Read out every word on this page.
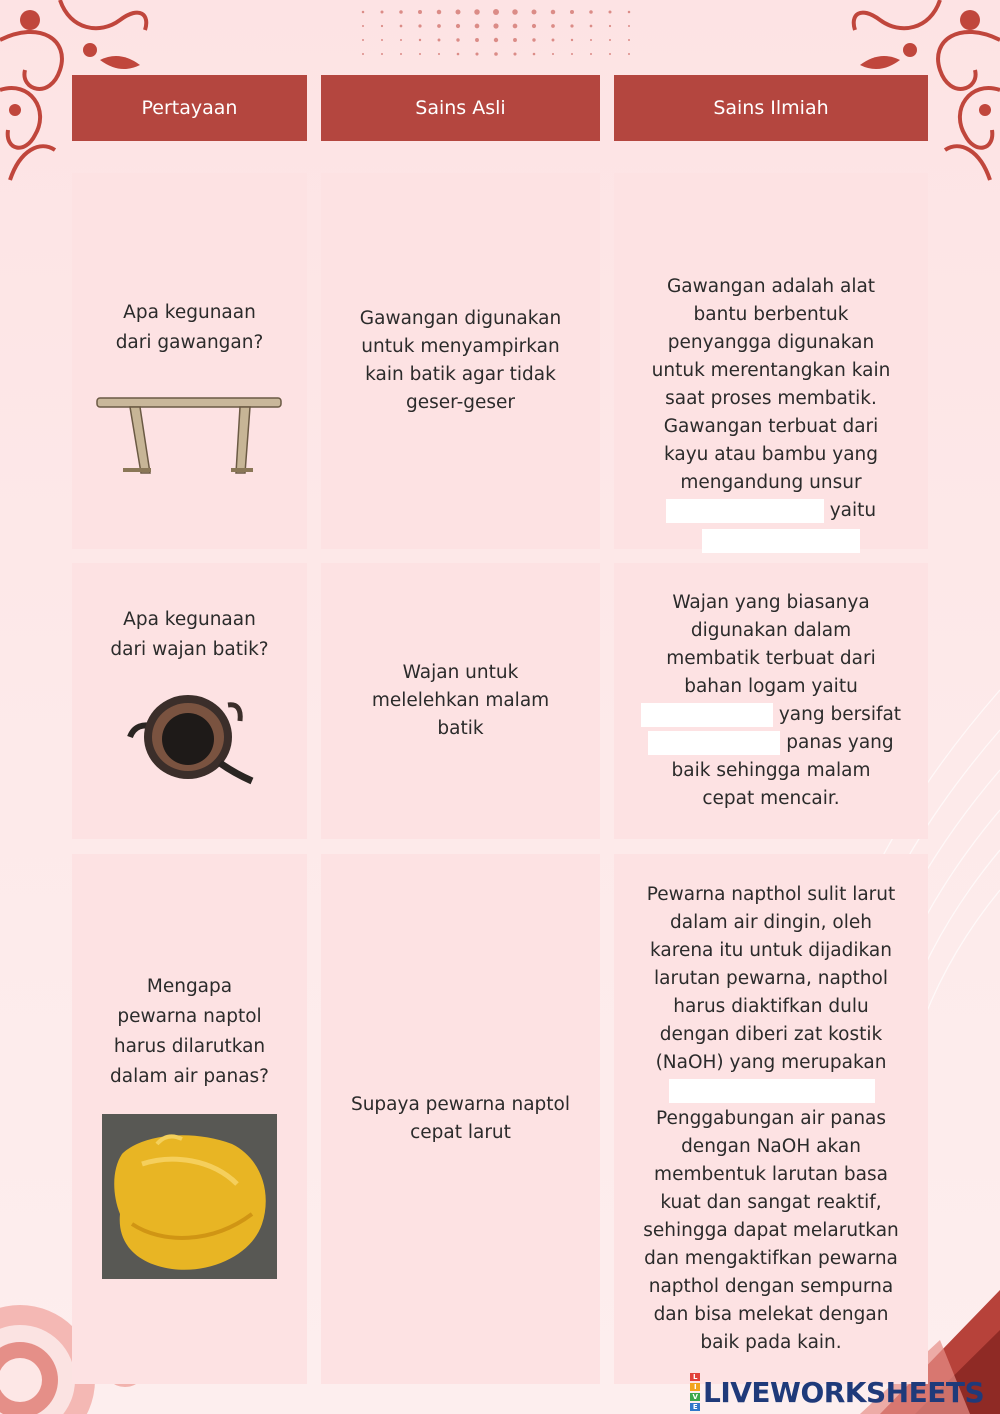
Pertayaan	Sains Asli	Sains Ilmiah
Apa kegunaan
dari gawangan?
Gawangan digunakan
untuk menyampirkan
kain batik agar tidak
geser-geser
Gawangan adalah alat
bantu berbentuk
penyangga digunakan
untuk merentangkan kain
saat proses membatik.
Gawangan terbuat dari
kayu atau bambu yang
mengandung unsur
yaitu
Apa kegunaan
dari wajan batik?
Wajan untuk
melelehkan malam
batik
Wajan yang biasanya
digunakan dalam
membatik terbuat dari
bahan logam yaitu
yang bersifat
panas yang
baik sehingga malam
cepat mencair.
Mengapa
pewarna naptol
harus dilarutkan
dalam air panas?
Supaya pewarna naptol
cepat larut
Pewarna napthol sulit larut
dalam air dingin, oleh
karena itu untuk dijadikan
larutan pewarna, napthol
harus diaktifkan dulu
dengan diberi zat kostik
(NaOH) yang merupakan
Penggabungan air panas
dengan NaOH akan
membentuk larutan basa
kuat dan sangat reaktif,
sehingga dapat melarutkan
dan mengaktifkan pewarna
napthol dengan sempurna
dan bisa melekat dengan
baik pada kain.
L
I
V
E LIVEWORKSHEETS
